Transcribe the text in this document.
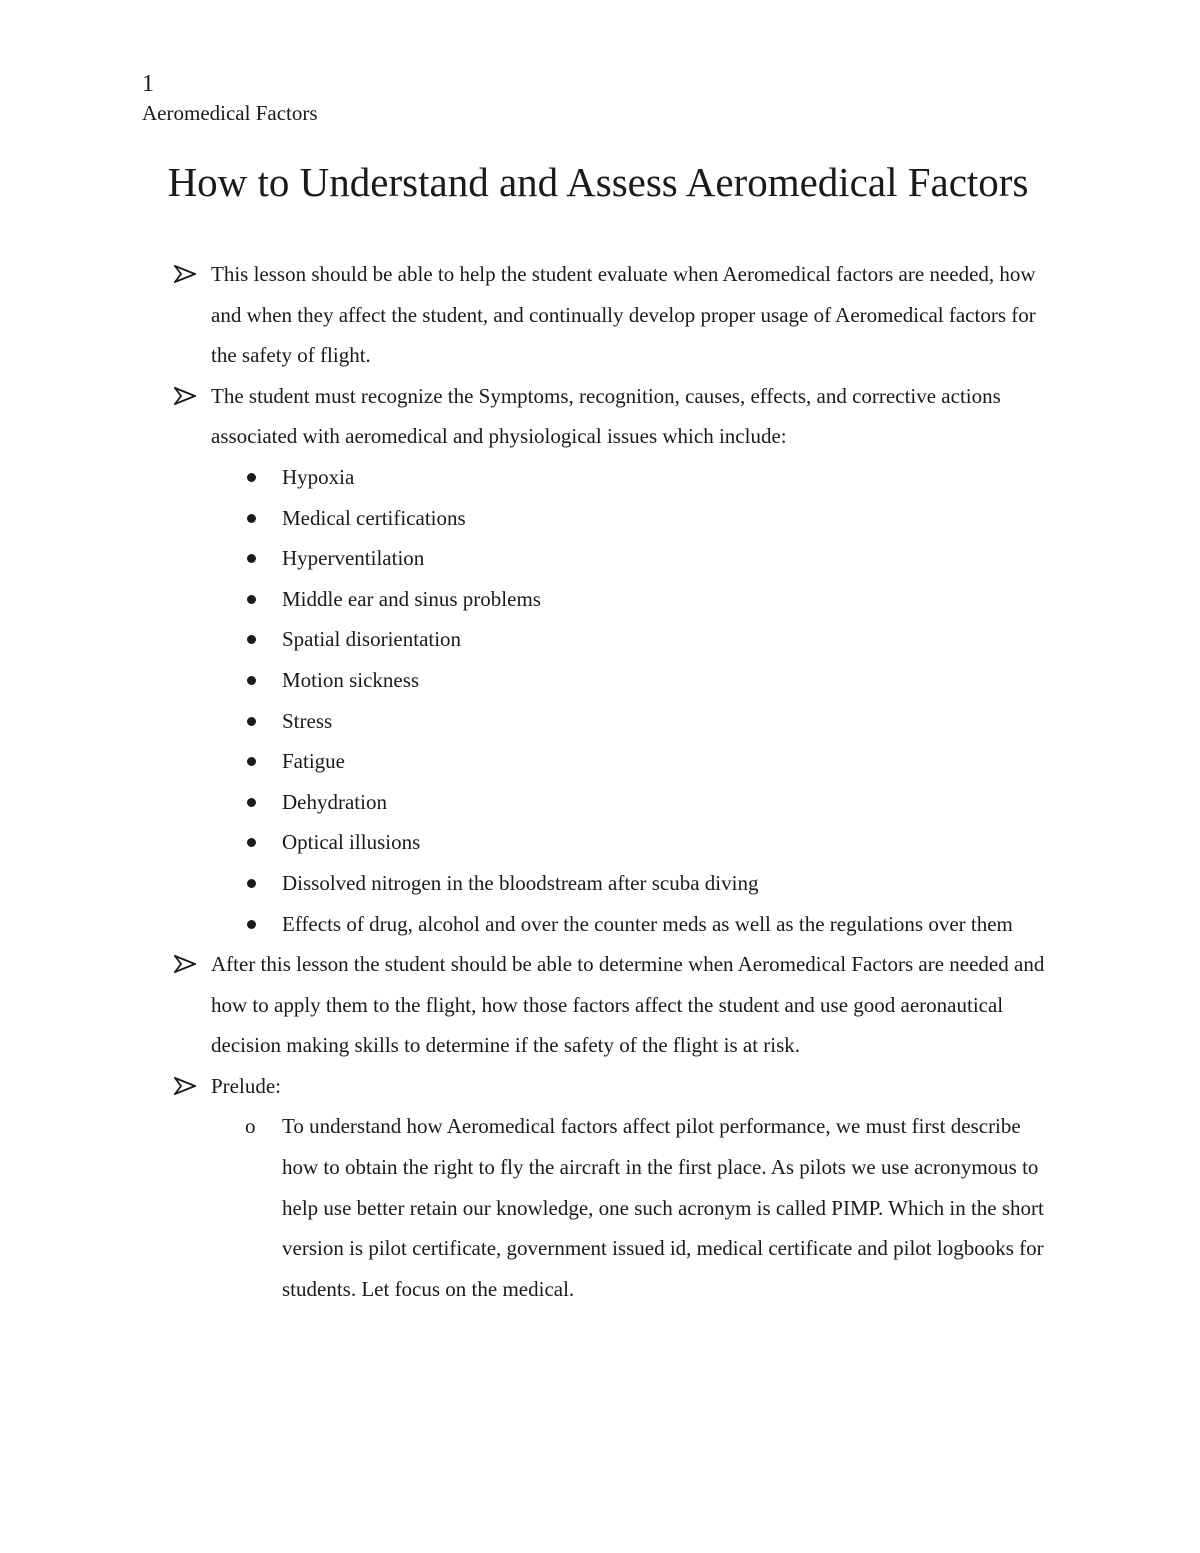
1
Aeromedical Factors
How to Understand and Assess Aeromedical Factors
This lesson should be able to help the student evaluate when Aeromedical factors are needed, how and when they affect the student, and continually develop proper usage of Aeromedical factors for the safety of flight.
The student must recognize the Symptoms, recognition, causes, effects, and corrective actions associated with aeromedical and physiological issues which include:
Hypoxia
Medical certifications
Hyperventilation
Middle ear and sinus problems
Spatial disorientation
Motion sickness
Stress
Fatigue
Dehydration
Optical illusions
Dissolved nitrogen in the bloodstream after scuba diving
Effects of drug, alcohol and over the counter meds as well as the regulations over them
After this lesson the student should be able to determine when Aeromedical Factors are needed and how to apply them to the flight, how those factors affect the student and use good aeronautical decision making skills to determine if the safety of the flight is at risk.
Prelude:
o To understand how Aeromedical factors affect pilot performance, we must first describe how to obtain the right to fly the aircraft in the first place. As pilots we use acronymous to help use better retain our knowledge, one such acronym is called PIMP. Which in the short version is pilot certificate, government issued id, medical certificate and pilot logbooks for students. Let focus on the medical.
